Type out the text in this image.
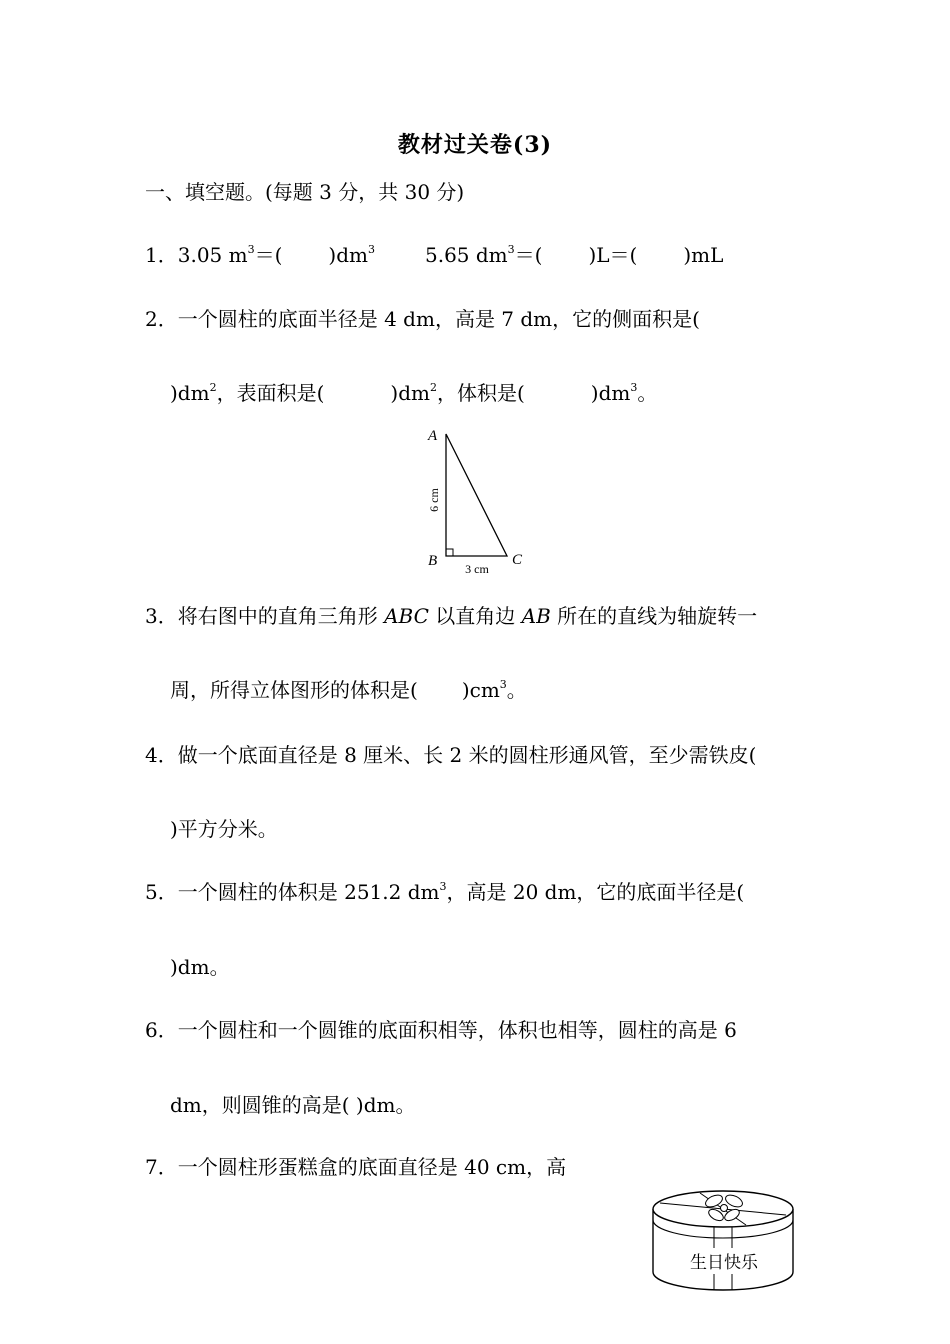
教材过关卷(3)
一、填空题。(每题 3 分，共 30 分)
1．3.05 $m^3=$( )$dm^3$	5.65 $dm^3=$( )L＝( )mL
2．一个圆柱的底面半径是 4 dm，高是 7 dm，它的侧面积是(
)$dm^2$，表面积是(	)$dm^2$，体积是(	)$dm^3$。
A
B	C
6 cm
3 cm
3．将右图中的直角三角形 ABC 以直角边 AB 所在的直线为轴旋转一
周，所得立体图形的体积是( )$cm^3$。
4．做一个底面直径是 8 厘米、长 2 米的圆柱形通风管，至少需铁皮(
)平方分米。
5．一个圆柱的体积是 251.2 $dm^3$，高是 20 dm，它的底面半径是(
)dm。
6．一个圆柱和一个圆锥的底面积相等，体积也相等，圆柱的高是 6
dm，则圆锥的高是( )dm。
7．一个圆柱形蛋糕盒的底面直径是 40 cm，高
生日快乐
